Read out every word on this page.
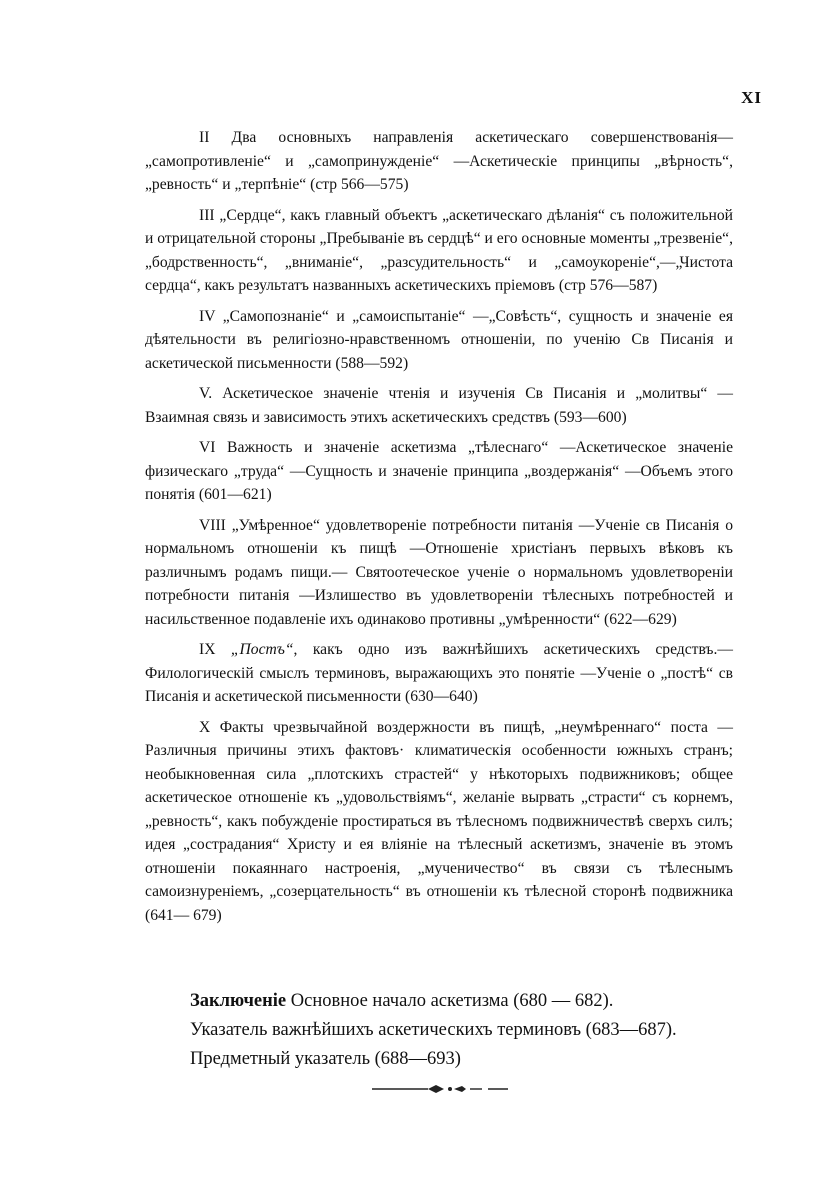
XI

II Два основныхъ направленія аскетическаго совершенствованія—„самопротивленіе“ и „самопринужденіе“ —Аскетическіе принципы „вѣрность“, „ревность“ и „терпѣніе“ (стр 566—575)

III „Сердце“, какъ главный объектъ „аскетическаго дѣланія“ съ положительной и отрицательной стороны „Пребываніе въ сердцѣ“ и его основные моменты „трезвеніе“, „бодрственность“, „вниманіе“, „разсудительность“ и „самоукореніе“,—„Чистота сердца“, какъ результатъ названныхъ аскетическихъ пріемовъ (стр 576—587)

IV „Самопознаніе“ и „самоиспытаніе“ —„Совѣсть“, сущность и значеніе ея дѣятельности въ религіозно-нравственномъ отношеніи, по ученію Св Писанія и аскетической письменности (588—592)

V. Аскетическое значеніе чтенія и изученія Св Писанія и „молитвы“ —Взаимная связь и зависимость этихъ аскетическихъ средствъ (593—600)

VI Важность и значеніе аскетизма „тѣлеснаго“ —Аскетическое значеніе физическаго „труда“ —Сущность и значеніе принципа „воздержанія“ —Объемъ этого понятія (601—621)

VIII „Умѣренное“ удовлетвореніе потребности питанія —Ученіе св Писанія о нормальномъ отношеніи къ пищѣ —Отношеніе христіанъ первыхъ вѣковъ къ различнымъ родамъ пищи.— Святоотеческое ученіе о нормальномъ удовлетвореніи потребности питанія —Излишество въ удовлетвореніи тѣлесныхъ потребностей и насильственное подавленіе ихъ одинаково противны „умѣренности“ (622—629)

IX „Постъ“, какъ одно изъ важнѣйшихъ аскетическихъ средствъ.— Филологическій смыслъ терминовъ, выражающихъ это понятіе —Ученіе о „постѣ“ св Писанія и аскетической письменности (630—640)

X Факты чрезвычайной воздержности въ пищѣ, „неумѣреннаго“ поста —Различныя причины этихъ фактовъ· климатическія особенности южныхъ странъ; необыкновенная сила „плотскихъ страстей“ у нѣкоторыхъ подвижниковъ; общее аскетическое отношеніе къ „удовольствіямъ“, желаніе вырвать „страсти“ съ корнемъ, „ревность“, какъ побужденіе простираться въ тѣлесномъ подвижничествѣ сверхъ силъ; идея „сострадания“ Христу и ея вліяніе на тѣлесный аскетизмъ, значеніе въ этомъ отношеніи покаяннаго настроенія, „мученичество“ въ связи съ тѣлеснымъ самоизнуреніемъ, „созерцательность“ въ отношеніи къ тѣлесной сторонѣ подвижника (641— 679)

Заключеніе Основное начало аскетизма (680 — 682).

Указатель важнѣйшихъ аскетическихъ терминовъ (683—687).

Предметный указатель (688—693)
